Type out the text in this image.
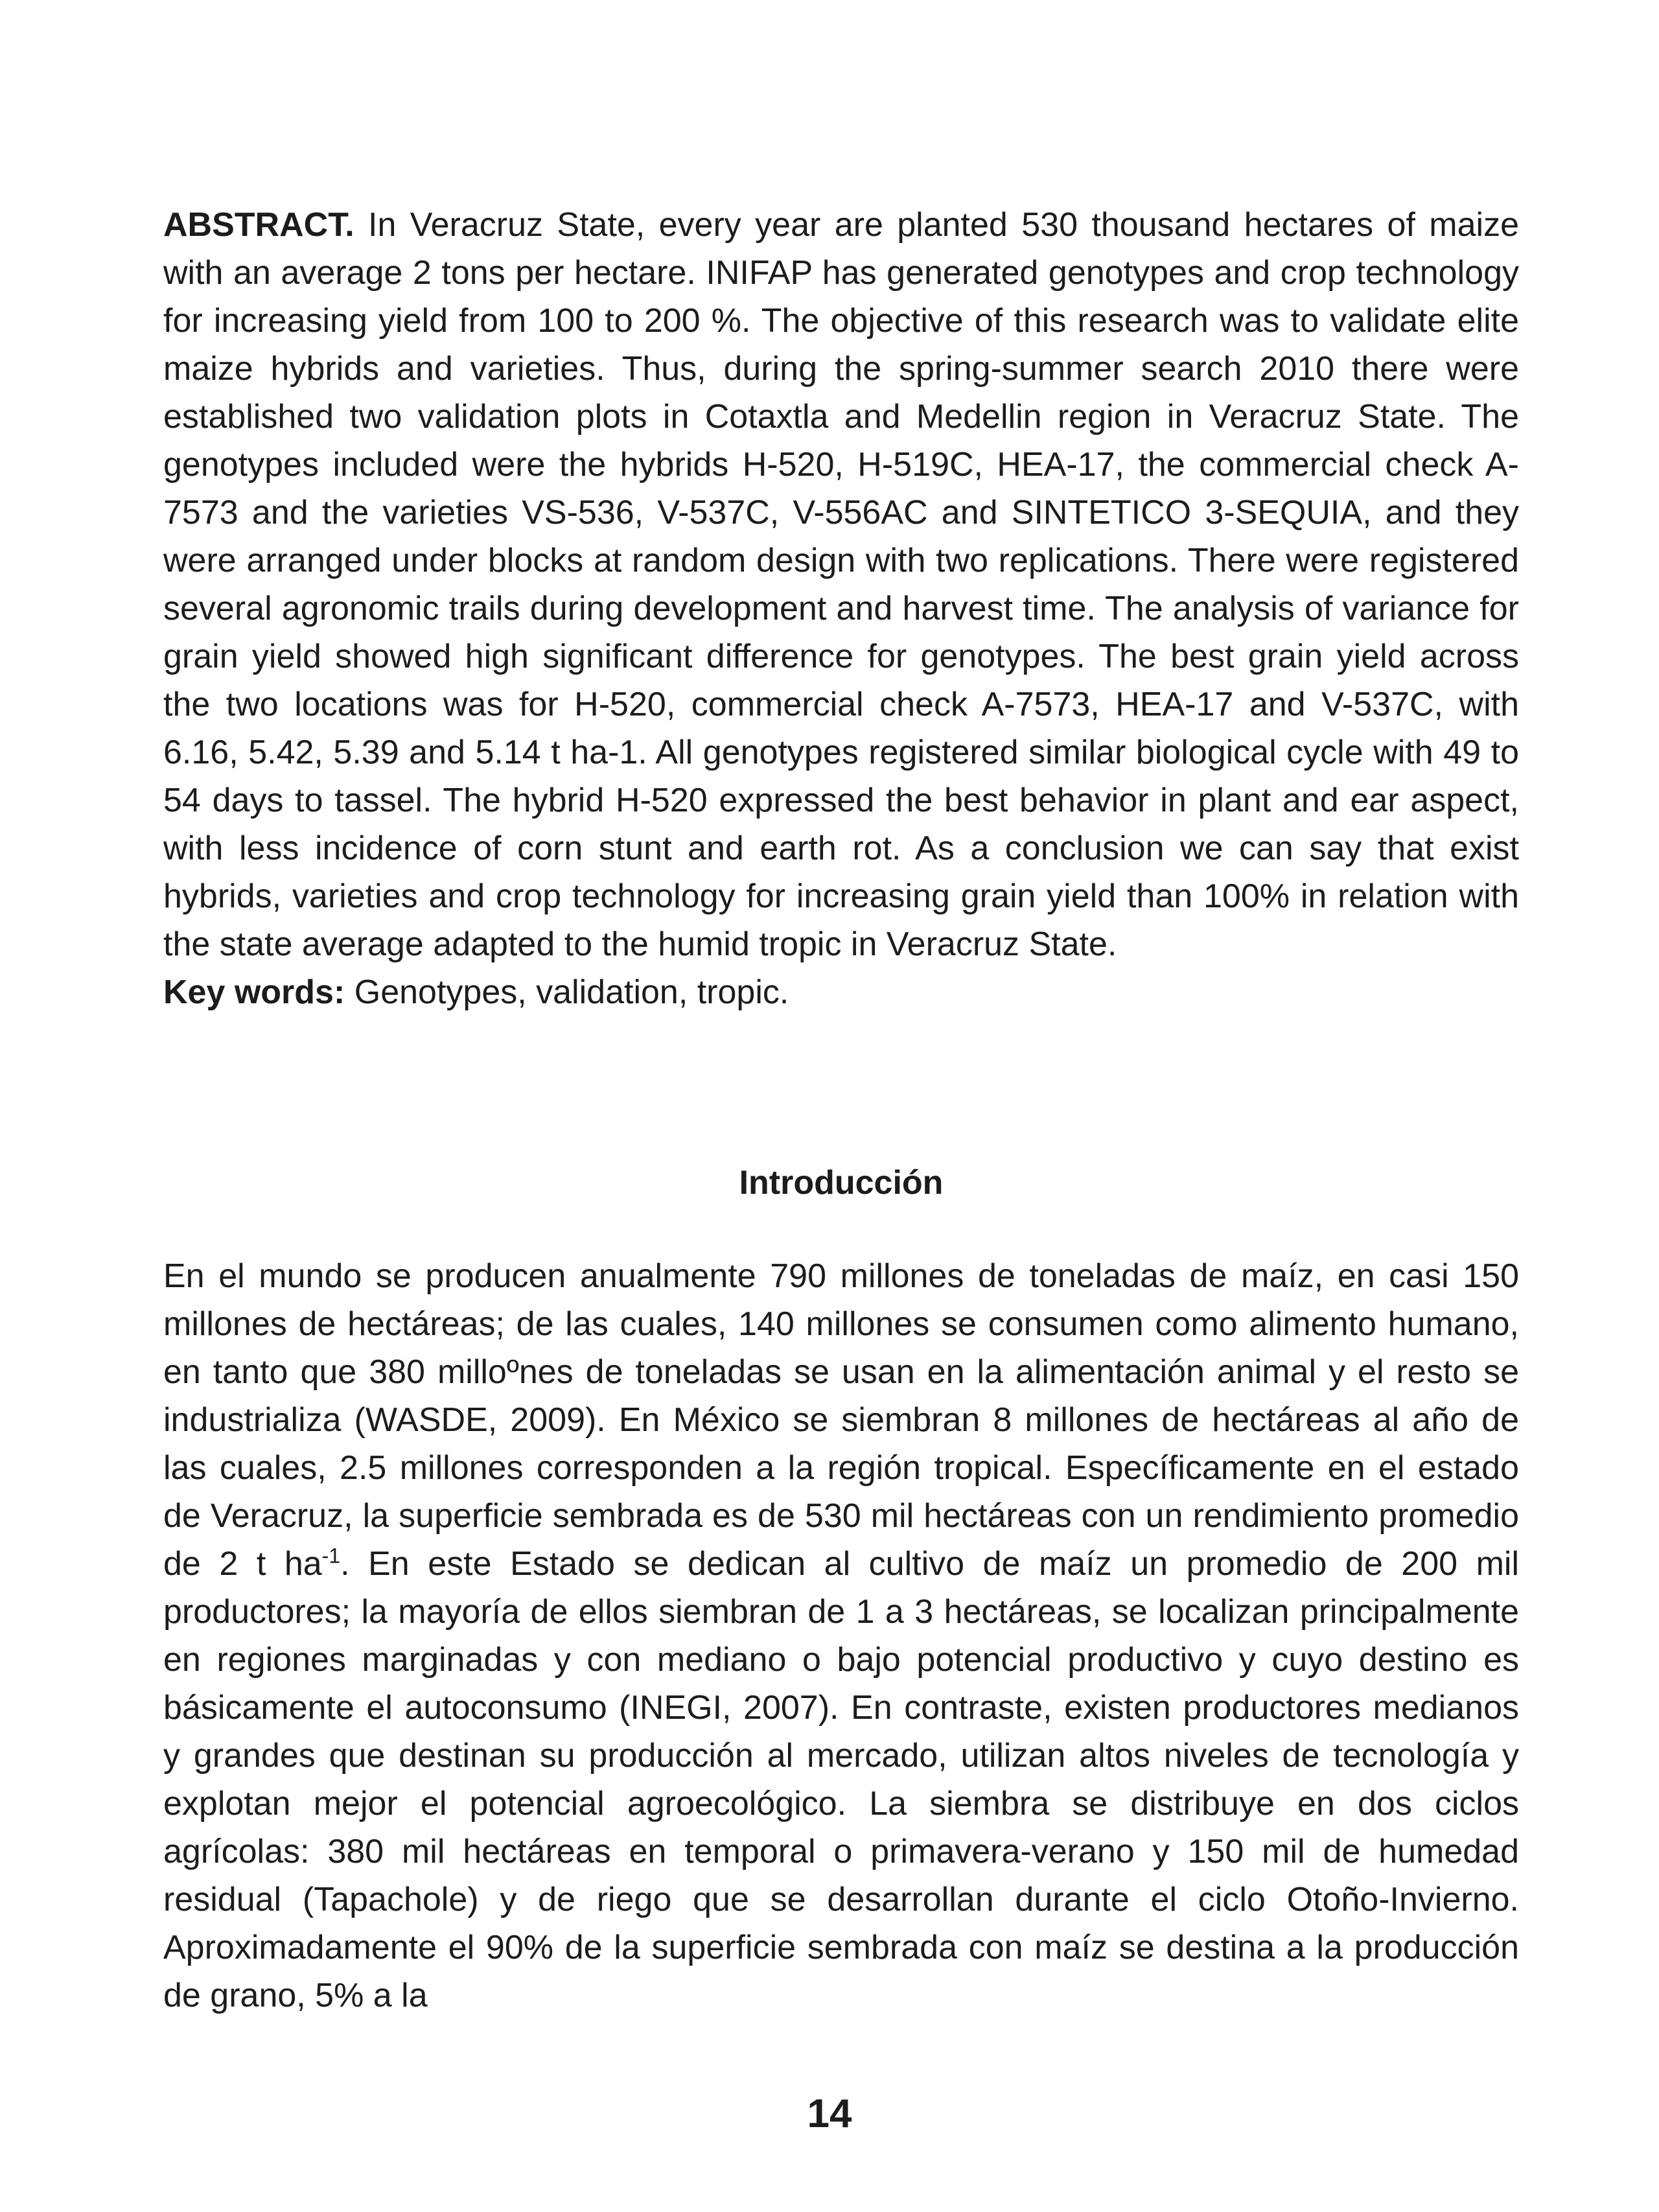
ABSTRACT. In Veracruz State, every year are planted 530 thousand hectares of maize with an average 2 tons per hectare. INIFAP has generated genotypes and crop technology for increasing yield from 100 to 200 %. The objective of this research was to validate elite maize hybrids and varieties. Thus, during the spring-summer search 2010 there were established two validation plots in Cotaxtla and Medellin region in Veracruz State. The genotypes included were the hybrids H-520, H-519C, HEA-17, the commercial check A-7573 and the varieties VS-536, V-537C, V-556AC and SINTETICO 3-SEQUIA, and they were arranged under blocks at random design with two replications. There were registered several agronomic trails during development and harvest time. The analysis of variance for grain yield showed high significant difference for genotypes. The best grain yield across the two locations was for H-520, commercial check A-7573, HEA-17 and V-537C, with 6.16, 5.42, 5.39 and 5.14 t ha-1. All genotypes registered similar biological cycle with 49 to 54 days to tassel. The hybrid H-520 expressed the best behavior in plant and ear aspect, with less incidence of corn stunt and earth rot. As a conclusion we can say that exist hybrids, varieties and crop technology for increasing grain yield than 100% in relation with the state average adapted to the humid tropic in Veracruz State.

Key words: Genotypes, validation, tropic.

Introducción

En el mundo se producen anualmente 790 millones de toneladas de maíz, en casi 150 millones de hectáreas; de las cuales, 140 millones se consumen como alimento humano, en tanto que 380 milloºnes de toneladas se usan en la alimentación animal y el resto se industrializa (WASDE, 2009). En México se siembran 8 millones de hectáreas al año de las cuales, 2.5 millones corresponden a la región tropical. Específicamente en el estado de Veracruz, la superficie sembrada es de 530 mil hectáreas con un rendimiento promedio de 2 t $ha^{-1}$. En este Estado se dedican al cultivo de maíz un promedio de 200 mil productores; la mayoría de ellos siembran de 1 a 3 hectáreas, se localizan principalmente en regiones marginadas y con mediano o bajo potencial productivo y cuyo destino es básicamente el autoconsumo (INEGI, 2007). En contraste, existen productores medianos y grandes que destinan su producción al mercado, utilizan altos niveles de tecnología y explotan mejor el potencial agroecológico. La siembra se distribuye en dos ciclos agrícolas: 380 mil hectáreas en temporal o primavera-verano y 150 mil de humedad residual (Tapachole) y de riego que se desarrollan durante el ciclo Otoño-Invierno. Aproximadamente el 90% de la superficie sembrada con maíz se destina a la producción de grano, 5% a la

14
